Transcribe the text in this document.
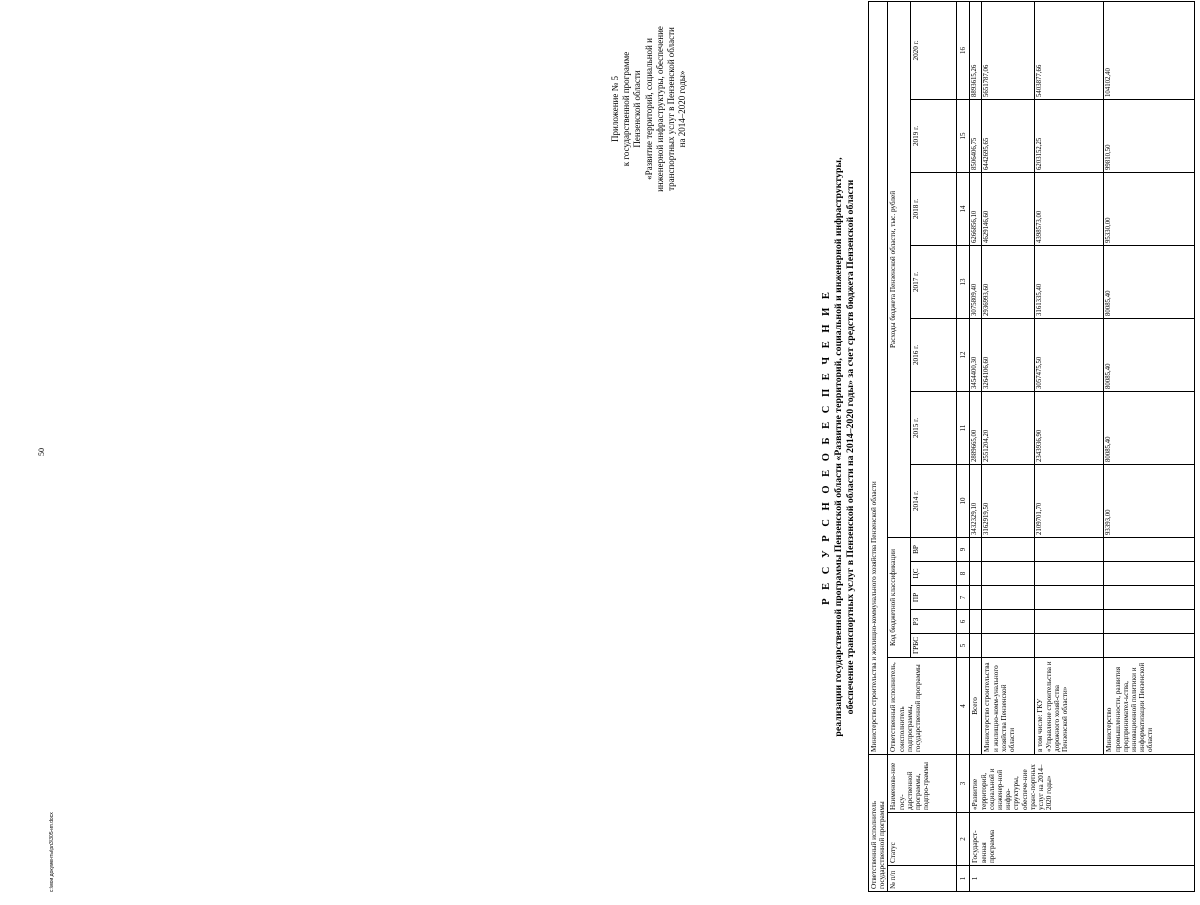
50
с:\мои документы\рлЗ\305-ип.docx
Приложение № 5 к государственной программе Пензенской области «Развитие территорий, социальной и инженерной инфраструктуры, обеспечение транспортных услуг в Пензенской области на 2014–2020 годы»
Р Е С У Р С Н О Е О Б Е С П Е Ч Е Н И Е реализации государственной программы Пензенской области «Развитие территорий, социальной и инженерной инфраструктуры, обеспечение транспортных услуг в Пензенской области на 2014–2020 годы» за счет средств бюджета Пензенской области
Ответственный исполнитель государственной программы			Министерство строительства и жилищно-коммунального хозяйства Пензенской области												
№ п/п	Статус	Наименова-ние госу-дарственной программы, подпро-граммы	Ответственный исполнитель, соисполнитель подпрограммы, государственной программы	Код бюджетной классификации					Расходы бюджета Пензенской области, тыс. рублей						
				ГРБС	РЗ	ПР	ЦС	ВР	2014 г.	2015 г.	2016 г.	2017 г.	2018 г.	2019 г.	2020 г.

1	2	3	4	5	6	7	8	9	10	11	12	13	14	15	16
1	Государст-венная программа	«Развитие территорий, социальной и инженер-ной инфра-структуры, обеспече-ние транс-портных услуг на 2014–2020 годы»	Всего						3432329,10	2889665,00	3454400,30	3075809,40	6266856,10	8506406,75	8893615,26
			Министерство строительства и жилищно-комм-унального хозяйства Пензенской области						3162919,50	2551204,20	3264106,60	2936993,60	4629146,60	6442695,65	5651787,06
			в том числе: ГКУ «Управление строительства и дорожного хозяй-ства Пензенской области»						2109701,70	2343936,90	3057475,50	3161335,40	4398573,00	6203152,25	5403877,66
			Министерство промышленности, развития предпринимател-ьства, инновационной политики и информатизации Пензенской области						93393,00	80085,40	80085,40	80085,40	95330,00	99810,50	104102,40
